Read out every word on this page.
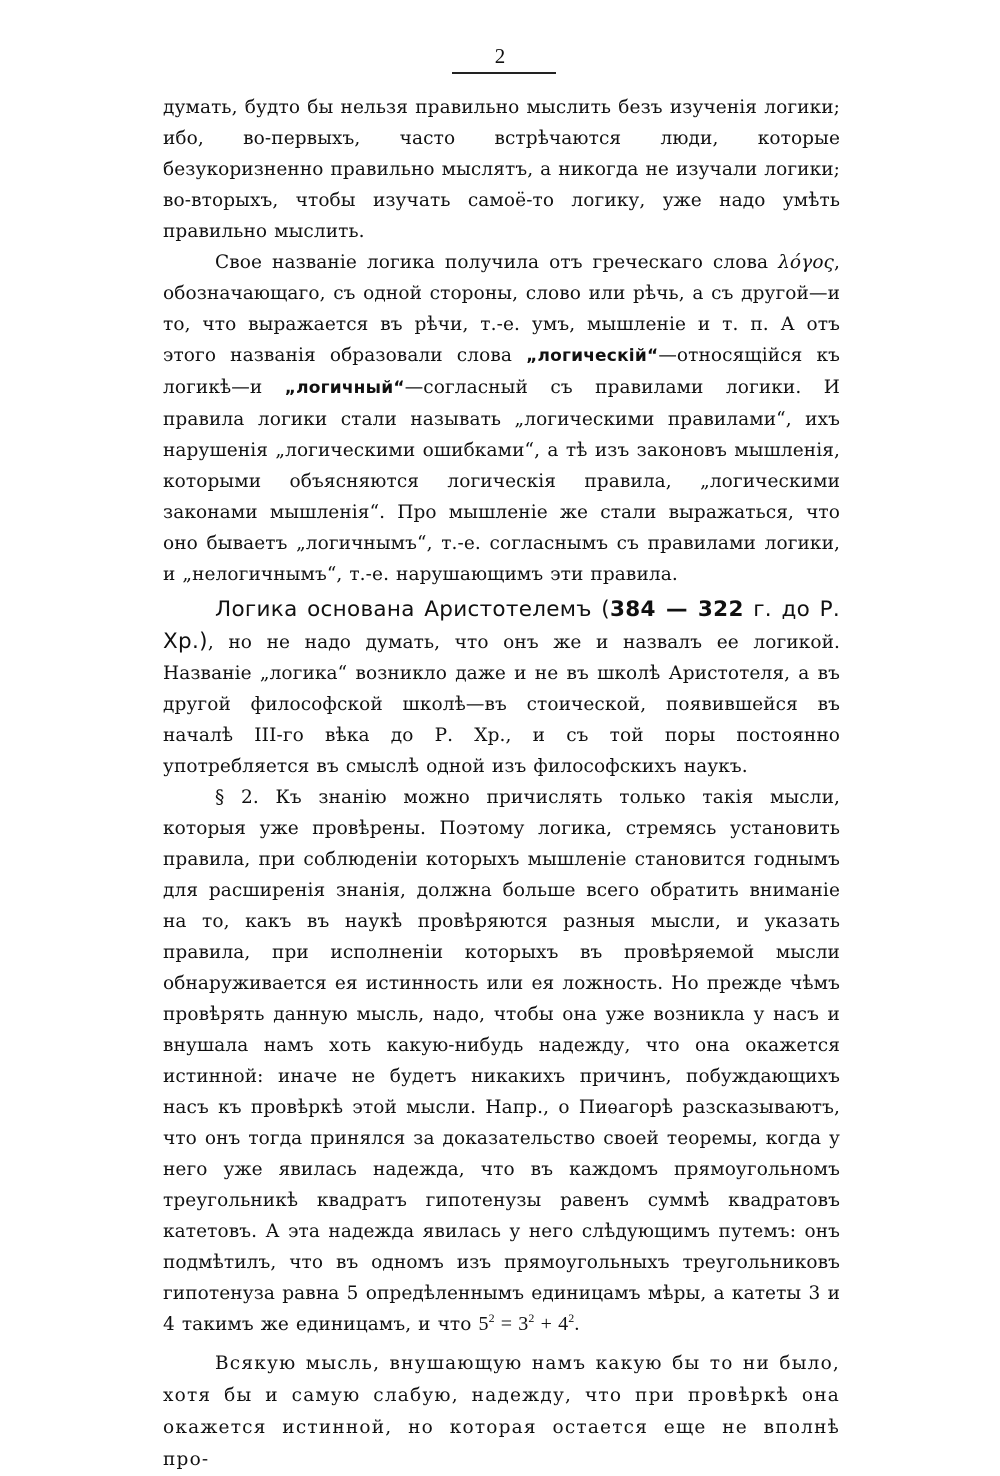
2

думать, будто бы нельзя правильно мыслить безъ изученія логики; ибо, во-первыхъ, часто встрѣчаются люди, которые безукоризненно правильно мыслятъ, а никогда не изучали логики; во-вторыхъ, чтобы изучать самоё-то логику, уже надо умѣть правильно мыслить.

Свое названіе логика получила отъ греческаго слова λόγος, обозначающаго, съ одной стороны, слово или рѣчь, а съ другой—и то, что выражается въ рѣчи, т.-е. умъ, мышленіе и т. п. А отъ этого названія образовали слова „логическій“—относящійся къ логикѣ—и „логичный“—согласный съ правилами логики. И правила логики стали называть „логическими правилами“, ихъ нарушенія „логическими ошибками“, а тѣ изъ законовъ мышленія, которыми объясняются логическія правила, „логическими законами мышленія“. Про мышленіе же стали выражаться, что оно бываетъ „логичнымъ“, т.-е. согласнымъ съ правилами логики, и „нелогичнымъ“, т.-е. нарушающимъ эти правила.

Логика основана Аристотелемъ (384 — 322 г. до Р. Хр.), но не надо думать, что онъ же и назвалъ ее логикой. Названіе „логика“ возникло даже и не въ школѣ Аристотеля, а въ другой философской школѣ—въ стоической, появившейся въ началѣ III-го вѣка до Р. Хр., и съ той поры постоянно употребляется въ смыслѣ одной изъ философскихъ наукъ.

§ 2. Къ знанію можно причислять только такія мысли, которыя уже провѣрены. Поэтому логика, стремясь установить правила, при соблюденіи которыхъ мышленіе становится годнымъ для расширенія знанія, должна больше всего обратить вниманіе на то, какъ въ наукѣ провѣряются разныя мысли, и указать правила, при исполненіи которыхъ въ провѣряемой мысли обнаруживается ея истинность или ея ложность. Но прежде чѣмъ провѣрять данную мысль, надо, чтобы она уже возникла у насъ и внушала намъ хоть какую-нибудь надежду, что она окажется истинной: иначе не будетъ никакихъ причинъ, побуждающихъ насъ къ провѣркѣ этой мысли. Напр., о Пиѳагорѣ разсказываютъ, что онъ тогда принялся за доказательство своей теоремы, когда у него уже явилась надежда, что въ каждомъ прямоугольномъ треугольникѣ квадратъ гипотенузы равенъ суммѣ квадратовъ катетовъ. А эта надежда явилась у него слѣдующимъ путемъ: онъ подмѣтилъ, что въ одномъ изъ прямоугольныхъ треугольниковъ гипотенуза равна 5 опредѣленнымъ единицамъ мѣры, а катеты 3 и 4 такимъ же единицамъ, и что $5^2 = 3^2 + 4^2$.

Всякую мысль, внушающую намъ какую бы то ни было, хотя бы и самую слабую, надежду, что при провѣркѣ она окажется истинной, но которая остается еще не вполнѣ про-
